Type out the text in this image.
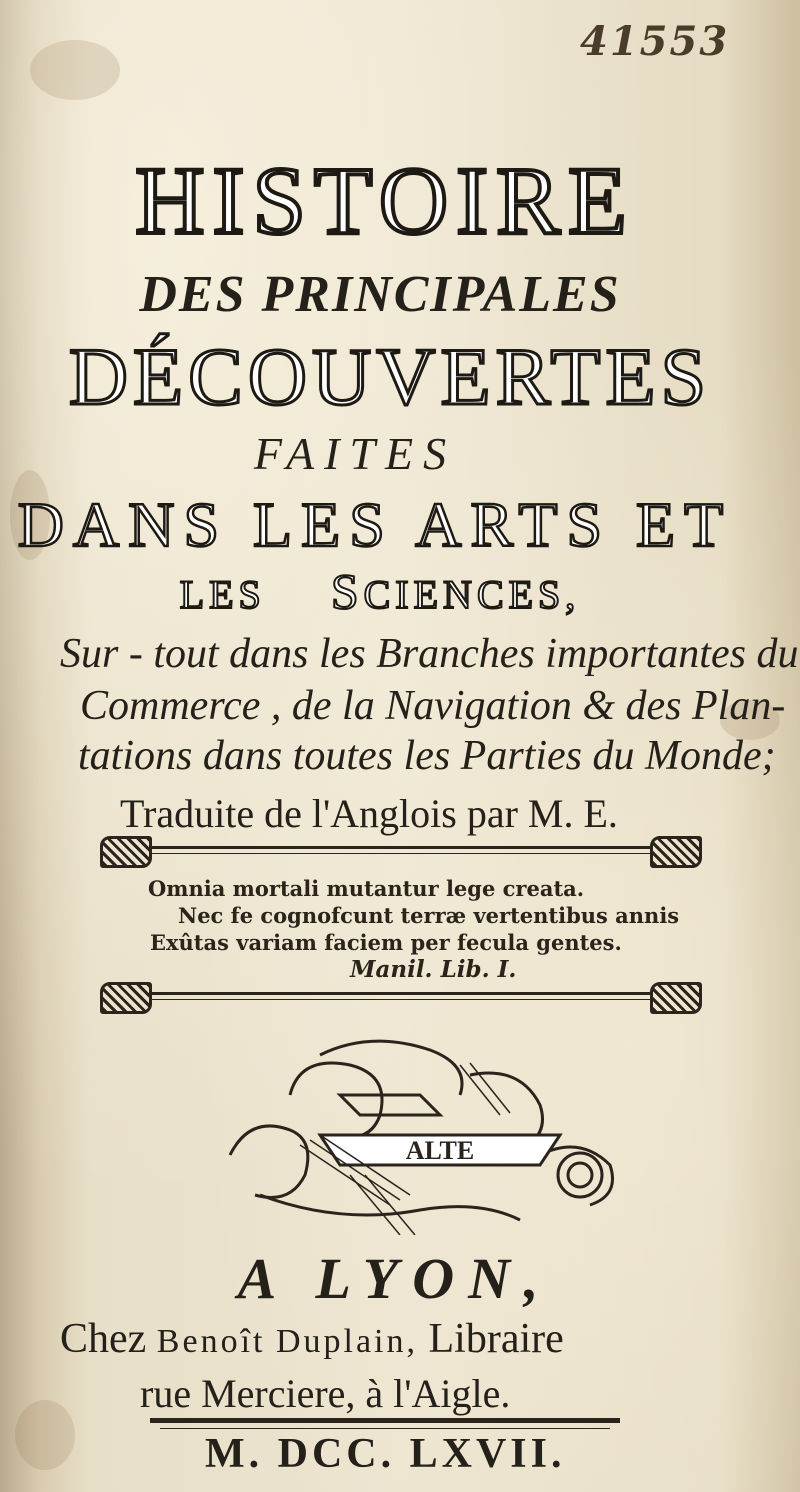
41553
HISTOIRE
DES PRINCIPALES
DÉCOUVERTES
FAITES
DANS LES ARTS ET
LES SCIENCES,
Sur - tout dans les Branches importantes du
Commerce , de la Navigation & des Plan-
tations dans toutes les Parties du Monde;
Traduite de l'Anglois par M. E.
Omnia mortali mutantur lege creata.
Nec fe cognofcunt terræ vertentibus annis
Exûtas variam faciem per fecula gentes.
Manil. Lib. I.
ALTE
A LYON,
Chez Benoît Duplain, Libraire
rue Merciere, à l'Aigle.
M. DCC. LXVII.
